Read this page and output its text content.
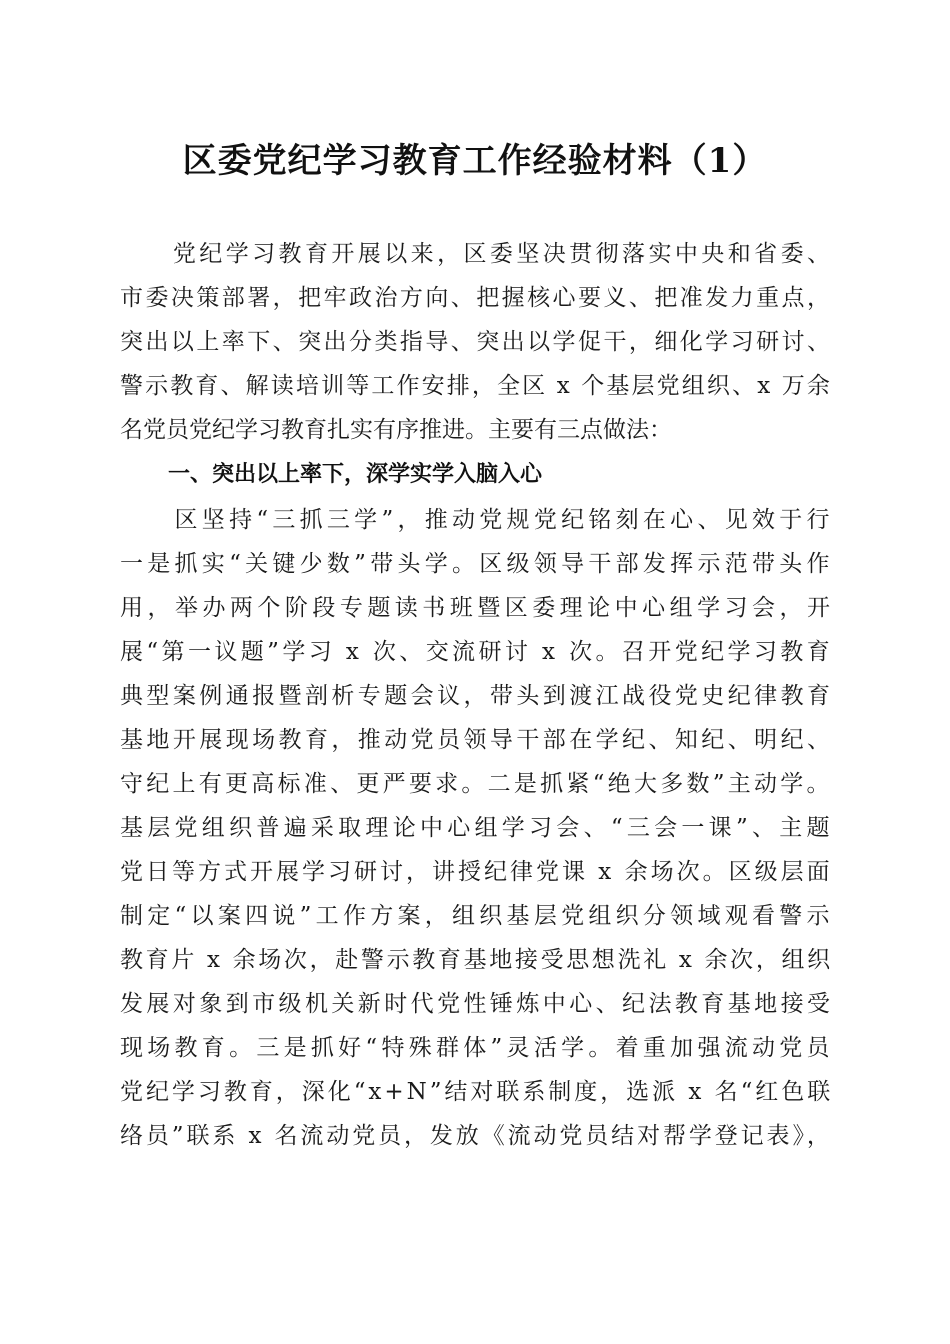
区委党纪学习教育工作经验材料（1）
　　党纪学习教育开展以来，区委坚决贯彻落实中央和省委、
市委决策部署，把牢政治方向、把握核心要义、把准发力重点，
突出以上率下、突出分类指导、突出以学促干，细化学习研讨、
警示教育、解读培训等工作安排，全区 x 个基层党组织、x 万余
名党员党纪学习教育扎实有序推进。主要有三点做法：
一、突出以上率下，深学实学入脑入心
　　区坚持“三抓三学”，推动党规党纪铭刻在心、见效于行
一是抓实“关键少数”带头学。区级领导干部发挥示范带头作
用，举办两个阶段专题读书班暨区委理论中心组学习会，开
展“第一议题”学习 x 次、交流研讨 x 次。召开党纪学习教育
典型案例通报暨剖析专题会议，带头到渡江战役党史纪律教育
基地开展现场教育，推动党员领导干部在学纪、知纪、明纪、
守纪上有更高标准、更严要求。二是抓紧“绝大多数”主动学。
基层党组织普遍采取理论中心组学习会、“三会一课”、主题
党日等方式开展学习研讨，讲授纪律党课 x 余场次。区级层面
制定“以案四说”工作方案，组织基层党组织分领域观看警示
教育片 x 余场次，赴警示教育基地接受思想洗礼 x 余次，组织
发展对象到市级机关新时代党性锤炼中心、纪法教育基地接受
现场教育。三是抓好“特殊群体”灵活学。着重加强流动党员
党纪学习教育，深化“x+N”结对联系制度，选派 x 名“红色联
络员”联系 x 名流动党员，发放《流动党员结对帮学登记表》，
